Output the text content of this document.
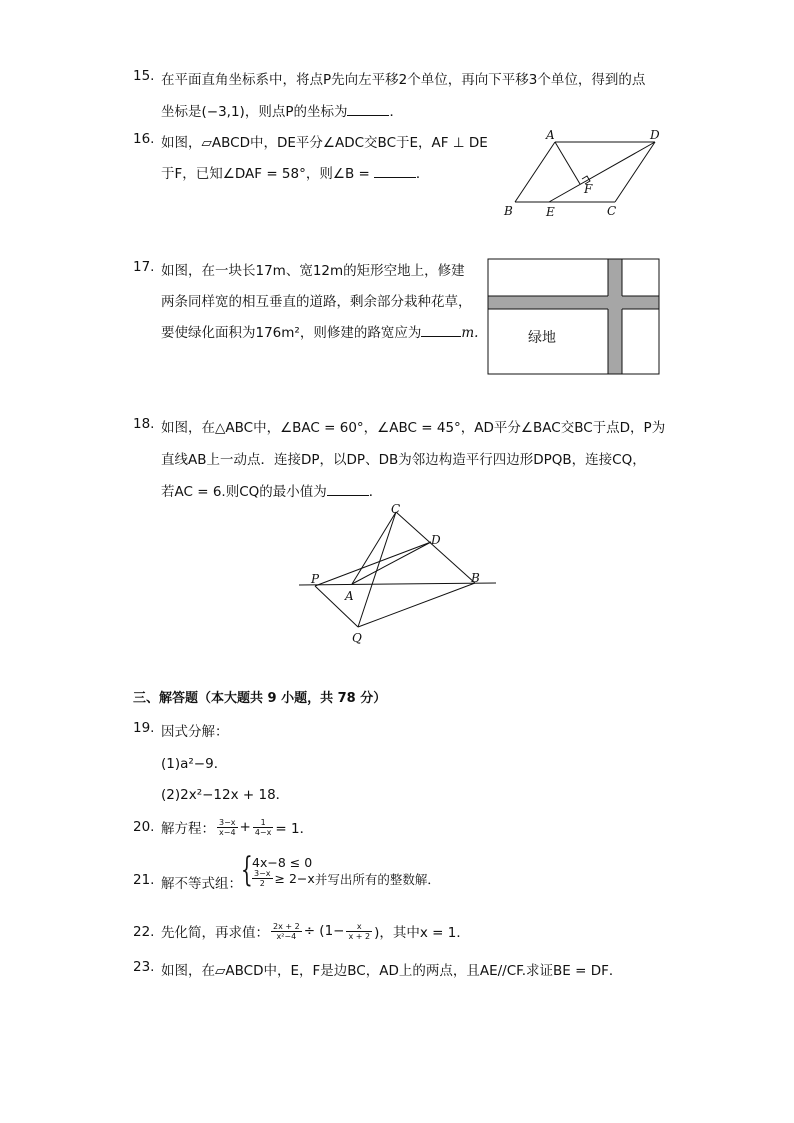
15. 在平面直角坐标系中，将点P先向左平移2个单位，再向下平移3个单位，得到的点
坐标是(−3,1)，则点P的坐标为	．
16. 如图，▱ABCD中，DE平分∠ADC交BC于E，AF ⊥ DE
于F，已知∠DAF = 58°，则∠B =	．
A	D
B	E	C
F
17. 如图，在一块长17m、宽12m的矩形空地上，修建
两条同样宽的相互垂直的道路，剩余部分栽种花草，
要使绿化面积为176m²，则修建的路宽应为	m.	绿地
18. 如图，在△ABC中，∠BAC = 60°，∠ABC = 45°，AD平分∠BAC交BC于点D，P为
直线AB上一动点．连接DP，以DP、DB为邻边构造平行四边形DPQB，连接CQ，
若AC = 6.则CQ的最小值为	．
C
D
P
A
B
Q
三、解答题（本大题共 9 小题，共 78 分）
19. 因式分解：
(1)a²−9．
(2)2x²−12x + 18．
20. 解方程： $\frac{3-x}{x-4} + \frac{1}{4-x} = 1$．
21. 解不等式组：
{ 4x−8 ≤ 0
$\frac{3-x}{2} \ge 2-x$ 并写出所有的整数解．
22. 先化简，再求值： $\frac{2x + 2}{\text{x²−4}} \div (1- \frac{x}{x + 2}$ )，其中x = 1．
23. 如图，在▱ABCD中，E，F是边BC，AD上的两点，且AE//CF.求证BE = DF．
